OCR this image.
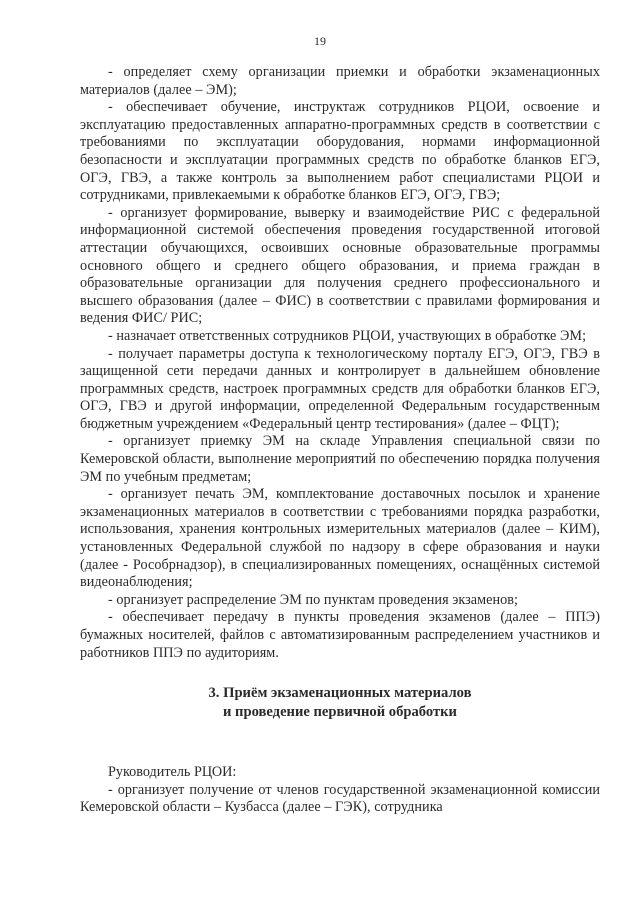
19

- определяет схему организации приемки и обработки экзаменационных материалов (далее – ЭМ);

- обеспечивает обучение, инструктаж сотрудников РЦОИ, освоение и эксплуатацию предоставленных аппаратно-программных средств в соответствии с требованиями по эксплуатации оборудования, нормами информационной безопасности и эксплуатации программных средств по обработке бланков ЕГЭ, ОГЭ, ГВЭ, а также контроль за выполнением работ специалистами РЦОИ и сотрудниками, привлекаемыми к обработке бланков ЕГЭ, ОГЭ, ГВЭ;

- организует формирование, выверку и взаимодействие РИС с федеральной информационной системой обеспечения проведения государственной итоговой аттестации обучающихся, освоивших основные образовательные программы основного общего и среднего общего образования, и приема граждан в образовательные организации для получения среднего профессионального и высшего образования (далее – ФИС) в соответствии с правилами формирования и ведения ФИС/ РИС;

- назначает ответственных сотрудников РЦОИ, участвующих в обработке ЭМ;

- получает параметры доступа к технологическому порталу ЕГЭ, ОГЭ, ГВЭ в защищенной сети передачи данных и контролирует в дальнейшем обновление программных средств, настроек программных средств для обработки бланков ЕГЭ, ОГЭ, ГВЭ и другой информации, определенной Федеральным государственным бюджетным учреждением «Федеральный центр тестирования» (далее – ФЦТ);

- организует приемку ЭМ на складе Управления специальной связи по Кемеровской области, выполнение мероприятий по обеспечению порядка получения ЭМ по учебным предметам;

- организует печать ЭМ, комплектование доставочных посылок и хранение экзаменационных материалов в соответствии с требованиями порядка разработки, использования, хранения контрольных измерительных материалов (далее – КИМ), установленных Федеральной службой по надзору в сфере образования и науки (далее - Рособрнадзор), в специализированных помещениях, оснащённых системой видеонаблюдения;

- организует распределение ЭМ по пунктам проведения экзаменов;

- обеспечивает передачу в пункты проведения экзаменов (далее – ППЭ) бумажных носителей, файлов с автоматизированным распределением участников и работников ППЭ по аудиториям.

3. Приём экзаменационных материалов
и проведение первичной обработки

Руководитель РЦОИ:

- организует получение от членов государственной экзаменационной комиссии Кемеровской области – Кузбасса (далее – ГЭК), сотрудника
